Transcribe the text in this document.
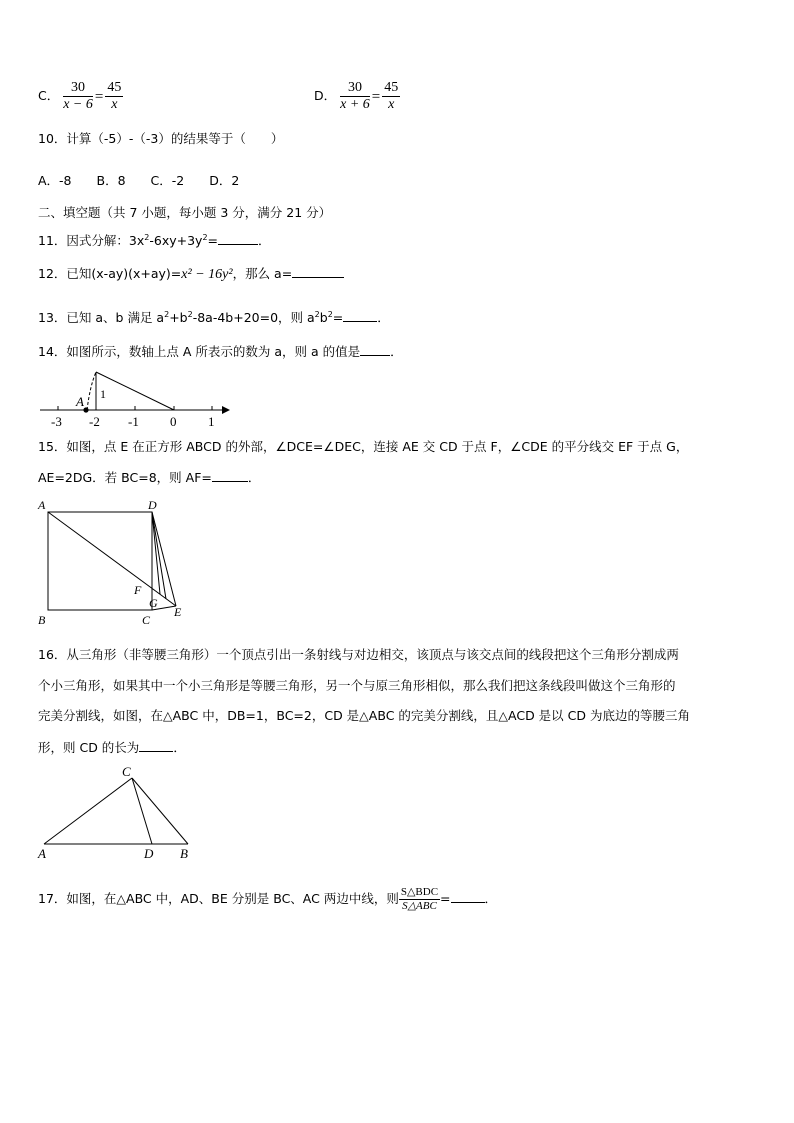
C． $\frac{30}{x - 6} = \frac{45}{x}$	D． $\frac{30}{x + 6} = \frac{45}{x}$
10．计算（-5）-（-3）的结果等于（　　）
A．-8　　B．8　　C．-2　　D．2
二、填空题（共 7 小题，每小题 3 分，满分 21 分）
11．因式分解：$3x^2-6xy+3y^2=$	．
12．已知(x-ay)(x+ay)=x² − 16y²，那么 a=
13．已知 a、b 满足 $a^2+b^2-8a-4b+20=0$，则 $a^2b^2=$	．
14．如图所示，数轴上点 A 所表示的数为 a，则 a 的值是 ．
A 1
-3 -2 -1 0 1
15．如图，点 E 在正方形 ABCD 的外部，∠DCE=∠DEC，连接 AE 交 CD 于点 F，∠CDE 的平分线交 EF 于点 G，
AE=2DG．若 BC=8，则 AF=	．
A	D
B	C
F
G
E
16．从三角形（非等腰三角形）一个顶点引出一条射线与对边相交，该顶点与该交点间的线段把这个三角形分割成两
个小三角形，如果其中一个小三角形是等腰三角形，另一个与原三角形相似，那么我们把这条线段叫做这个三角形的
完美分割线，如图，在△ABC 中，DB=1，BC=2，CD 是△ABC 的完美分割线，且△ACD 是以 CD 为底边的等腰三角
形，则 CD 的长为	．
C
A	D B
17．如图，在△ABC 中，AD、BE 分别是 BC、AC 两边中线，则 $\frac{\text{S△BDC}}{\text{S△ABC}}$ =	．
